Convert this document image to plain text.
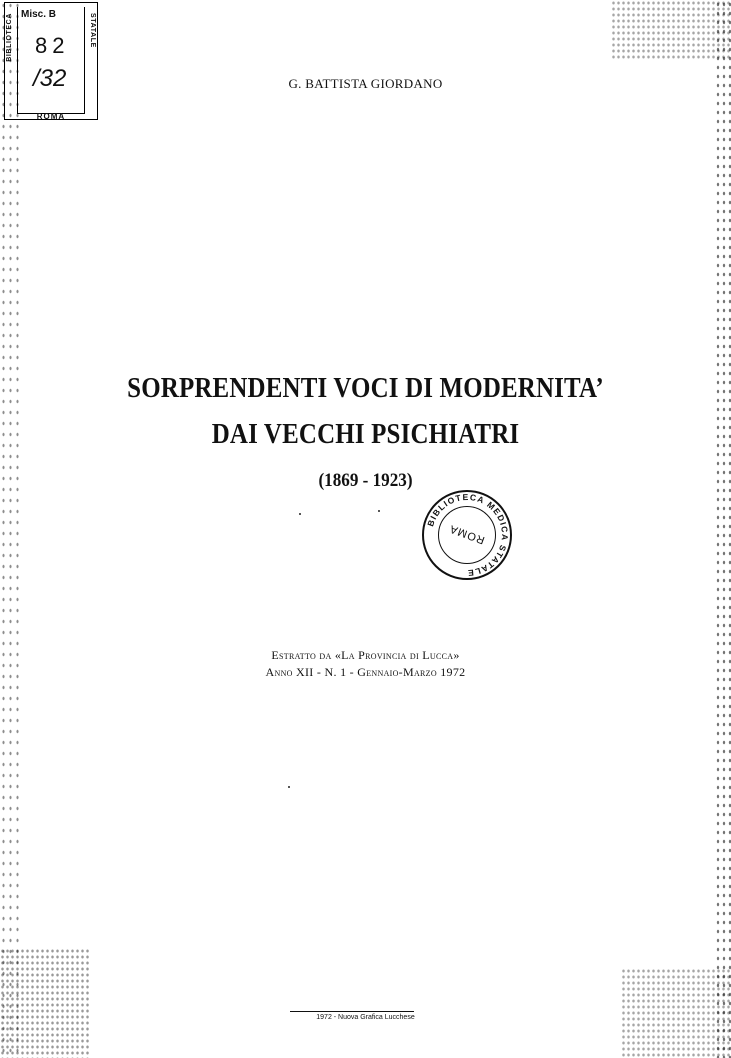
BIBLIOTECA	STATALE
Misc. B
82
/32
ROMA
G. BATTISTA GIORDANO
SORPRENDENTI VOCI DI MODERNITA’
DAI VECCHI PSICHIATRI
(1869 - 1923)
BIBLIOTECA MEDICA STATALE
ROMA
Estratto da «La Provincia di Lucca»
Anno XII - N. 1 - Gennaio-Marzo 1972
1972 - Nuova Grafica Lucchese
